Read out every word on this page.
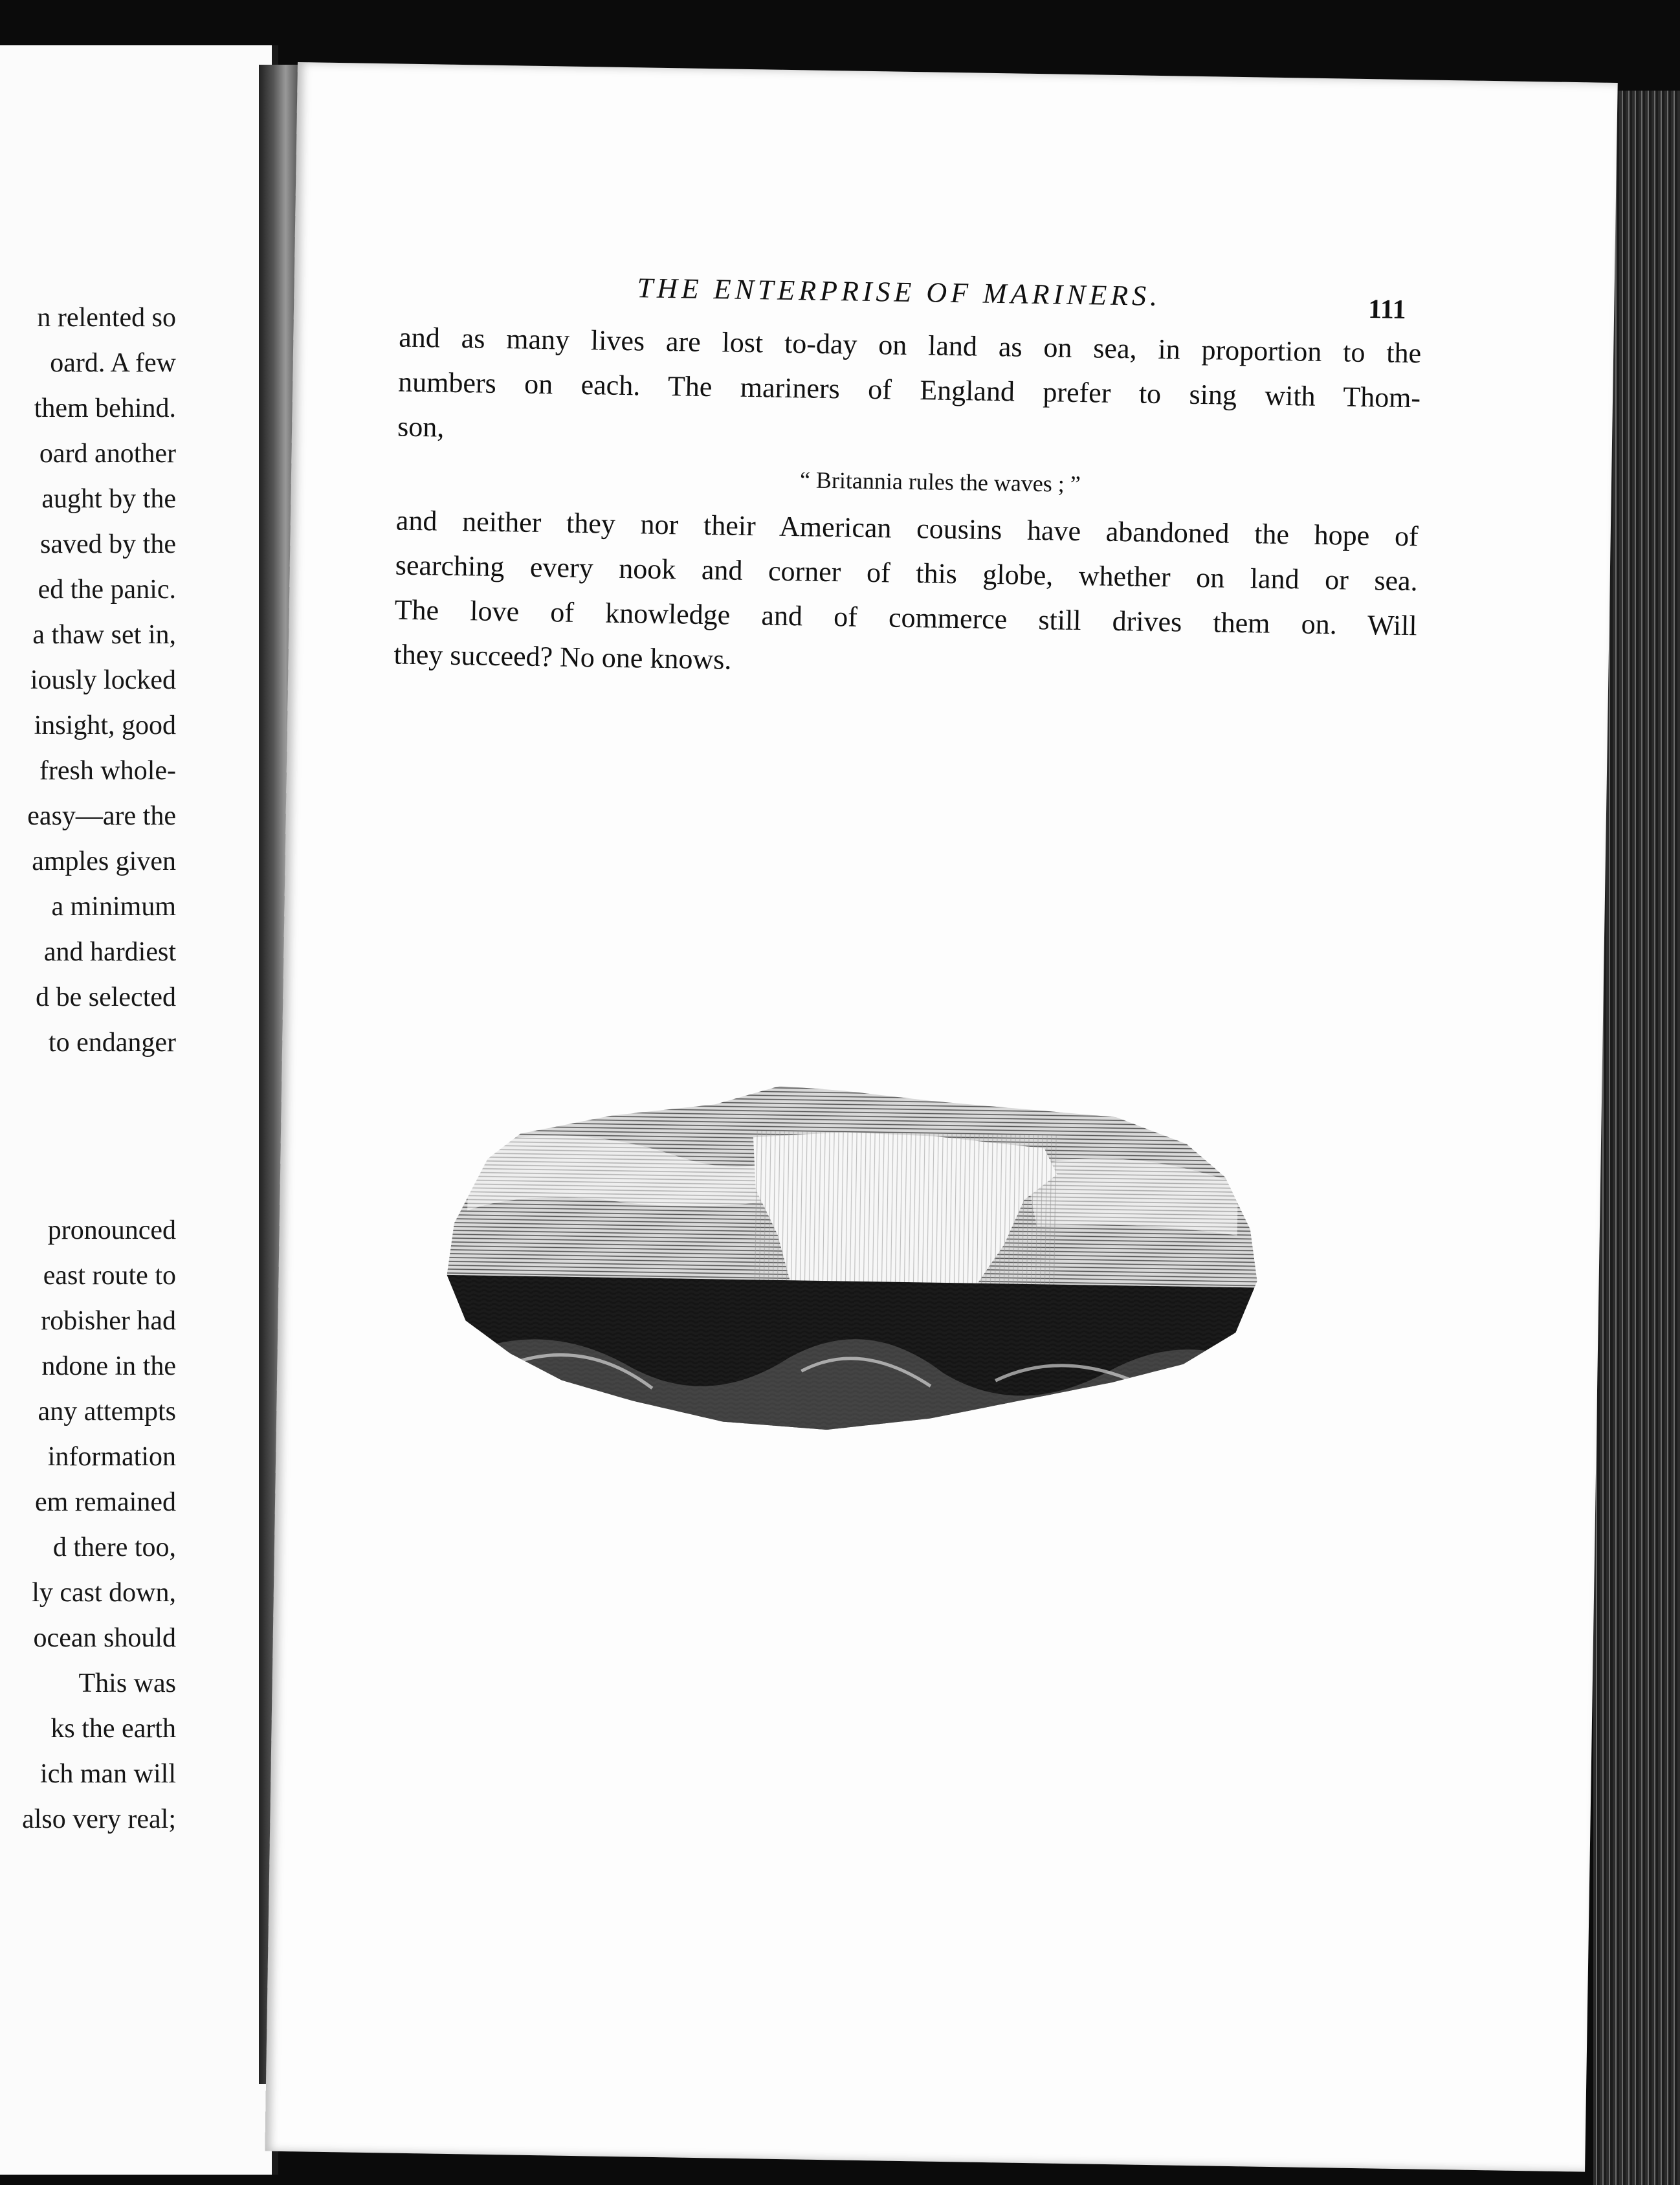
n relented so
oard. A few
them behind.
oard another
aught by the
saved by the
ed the panic.
a thaw set in,
iously locked
insight, good
fresh whole-
easy—are the
amples given
a minimum
and hardiest
d be selected
to endanger
pronounced
east route to
robisher had
ndone in the
any attempts
information
em remained
d there too,
ly cast down,
ocean should
This was
ks the earth
ich man will
also very real;
THE ENTERPRISE OF MARINERS.	111
and as many lives are lost to-day on land as on sea, in proportion to the
numbers on each. The mariners of England prefer to sing with Thom-
son,
“ Britannia rules the waves ; ”
and neither they nor their American cousins have abandoned the hope of
searching every nook and corner of this globe, whether on land or sea.
The love of knowledge and of commerce still drives them on. Will
they succeed? No one knows.
